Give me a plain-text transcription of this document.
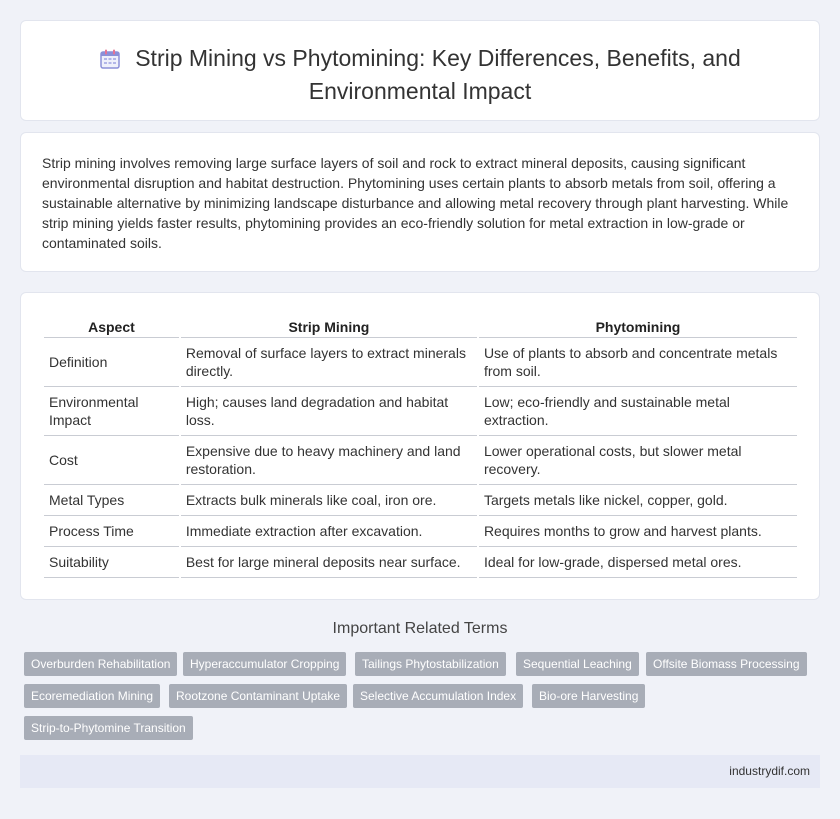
Strip Mining vs Phytomining: Key Differences, Benefits, and
Environmental Impact

Strip mining involves removing large surface layers of soil and rock to extract mineral deposits, causing significant environmental disruption and habitat destruction. Phytomining uses certain plants to absorb metals from soil, offering a sustainable alternative by minimizing landscape disturbance and allowing metal recovery through plant harvesting. While strip mining yields faster results, phytomining provides an eco-friendly solution for metal extraction in low-grade or contaminated soils.

Aspect	Strip Mining	Phytomining
Definition	Removal of surface layers to extract minerals directly.	Use of plants to absorb and concentrate metals from soil.
Environmental Impact	High; causes land degradation and habitat loss.	Low; eco-friendly and sustainable metal extraction.
Cost	Expensive due to heavy machinery and land restoration.	Lower operational costs, but slower metal recovery.
Metal Types	Extracts bulk minerals like coal, iron ore.	Targets metals like nickel, copper, gold.
Process Time	Immediate extraction after excavation.	Requires months to grow and harvest plants.
Suitability	Best for large mineral deposits near surface.	Ideal for low-grade, dispersed metal ores.
Important Related Terms
Overburden Rehabilitation	Hyperaccumulator Cropping	Tailings Phytostabilization	Sequential Leaching	Offsite Biomass Processing
Ecoremediation Mining	Rootzone Contaminant Uptake	Selective Accumulation Index	Bio-ore Harvesting
Strip-to-Phytomine Transition
industrydif.com
